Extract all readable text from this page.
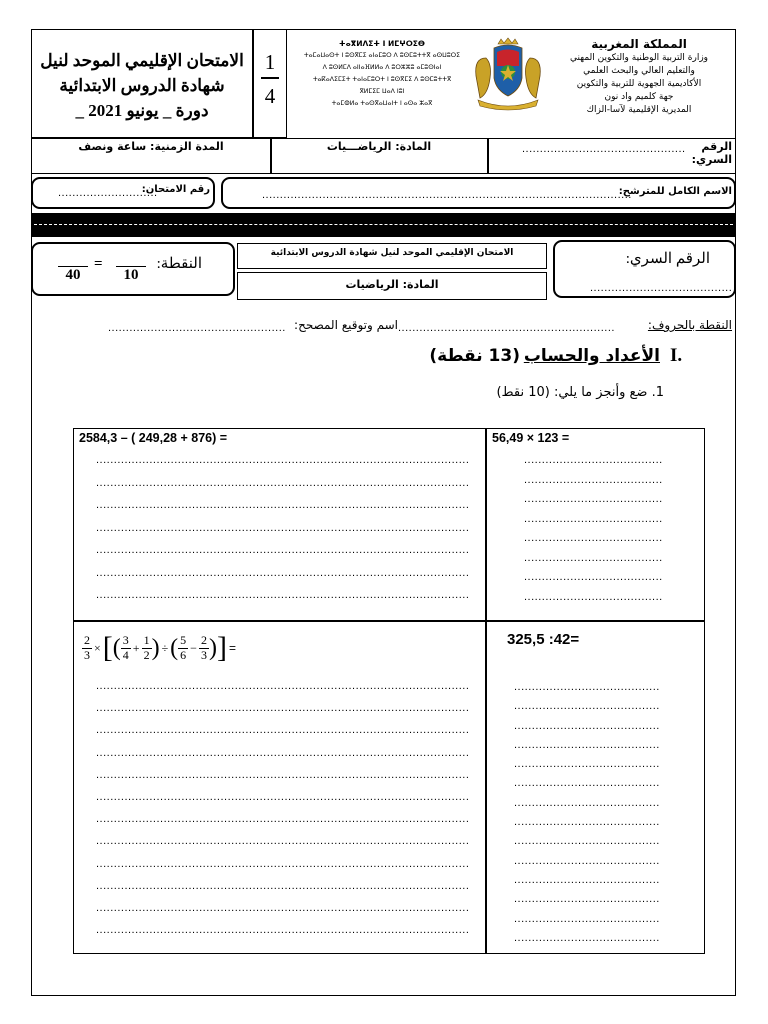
الامتحان الإقليمي الموحد لنيل
شهادة الدروس الابتدائية
دورة _ يونيو 2021 _
1
4
ⵜⴰⴳⵍⴷⵉⵜ ⵏ ⵍⵎⵖⵔⵉⴱ
ⵜⴰⵎⴰⵡⴰⵙⵜ ⵏ ⵓⵙⴳⵎⵉ ⴰⵏⴰⵎⵓⵔ ⴷ ⵓⵙⵎⵓⵜⵜⴳ ⴰⵙⵡⵓⵔⵉ
ⴷ ⵓⵙⵍⵎⴷ ⴰⵏⵏⴰⴼⵍⵍⴰ ⴷ ⵓⵔⵣⵣⵓ ⴰⵎⵓⵙⵏⴰⵏ
ⵜⴰⴽⴰⴷⵉⵎⵉⵜ ⵜⴰⵏⴰⵎⵓⵔⵜ ⵏ ⵓⵙⴳⵎⵉ ⴷ ⵓⵙⵎⵓⵜⵜⴳ
ⴳⵍⵎⵉⵎ ⵡⴰⴷ ⵏⵓⵏ
ⵜⴰⵎⵀⵍⴰ ⵜⴰⵙⴳⴰⵡⴰⵏⵜ ⵏ ⴰⵙⴰ ⵣⴰⴳ
المملكة المغربية
وزارة التربية الوطنية والتكوين المهني
والتعليم العالي والبحث العلمي
الأكاديمية الجهوية للتربية والتكوين
جهة كلميم واد نون
المديرية الإقليمية لآسا-الزاك
المدة الزمنية: ساعة ونصف	المادة: الرياضـــيات	الرقم السري:
..............................................
رقم الامتحان:
............................	الاسم الكامل للمترشح:
........................................................................................................
النقطة:
10
=
40
الامتحان الإقليمي الموحد لنيل شهادة الدروس الابتدائية
المادة: الرياضيات
الرقم السري:
........................................
النقطة بالحروف:
.............................................................
اسم وتوقيع المصحح:
..................................................
I.
الأعداد والحساب
(13 نقطة)
1. ضع وأنجز ما يلي: (10 نقط)
2584,3 – ( 249,28 + 876) =
.........................................................................................................
.........................................................................................................
.........................................................................................................
.........................................................................................................
.........................................................................................................
.........................................................................................................
.........................................................................................................
56,49 × 123 =
.......................................
.......................................
.......................................
.......................................
.......................................
.......................................
.......................................
.......................................
$\frac{2}{3}$ × [ ( $\frac{3}{4} + \frac{1}{2}$ ) ÷ ( $\frac{5}{6} - \frac{2}{3}$ ) ] =
.........................................................................................................
.........................................................................................................
.........................................................................................................
.........................................................................................................
.........................................................................................................
.........................................................................................................
.........................................................................................................
.........................................................................................................
.........................................................................................................
.........................................................................................................
.........................................................................................................
.........................................................................................................
325,5 :42=
.........................................
.........................................
.........................................
.........................................
.........................................
.........................................
.........................................
.........................................
.........................................
.........................................
.........................................
.........................................
.........................................
.........................................
